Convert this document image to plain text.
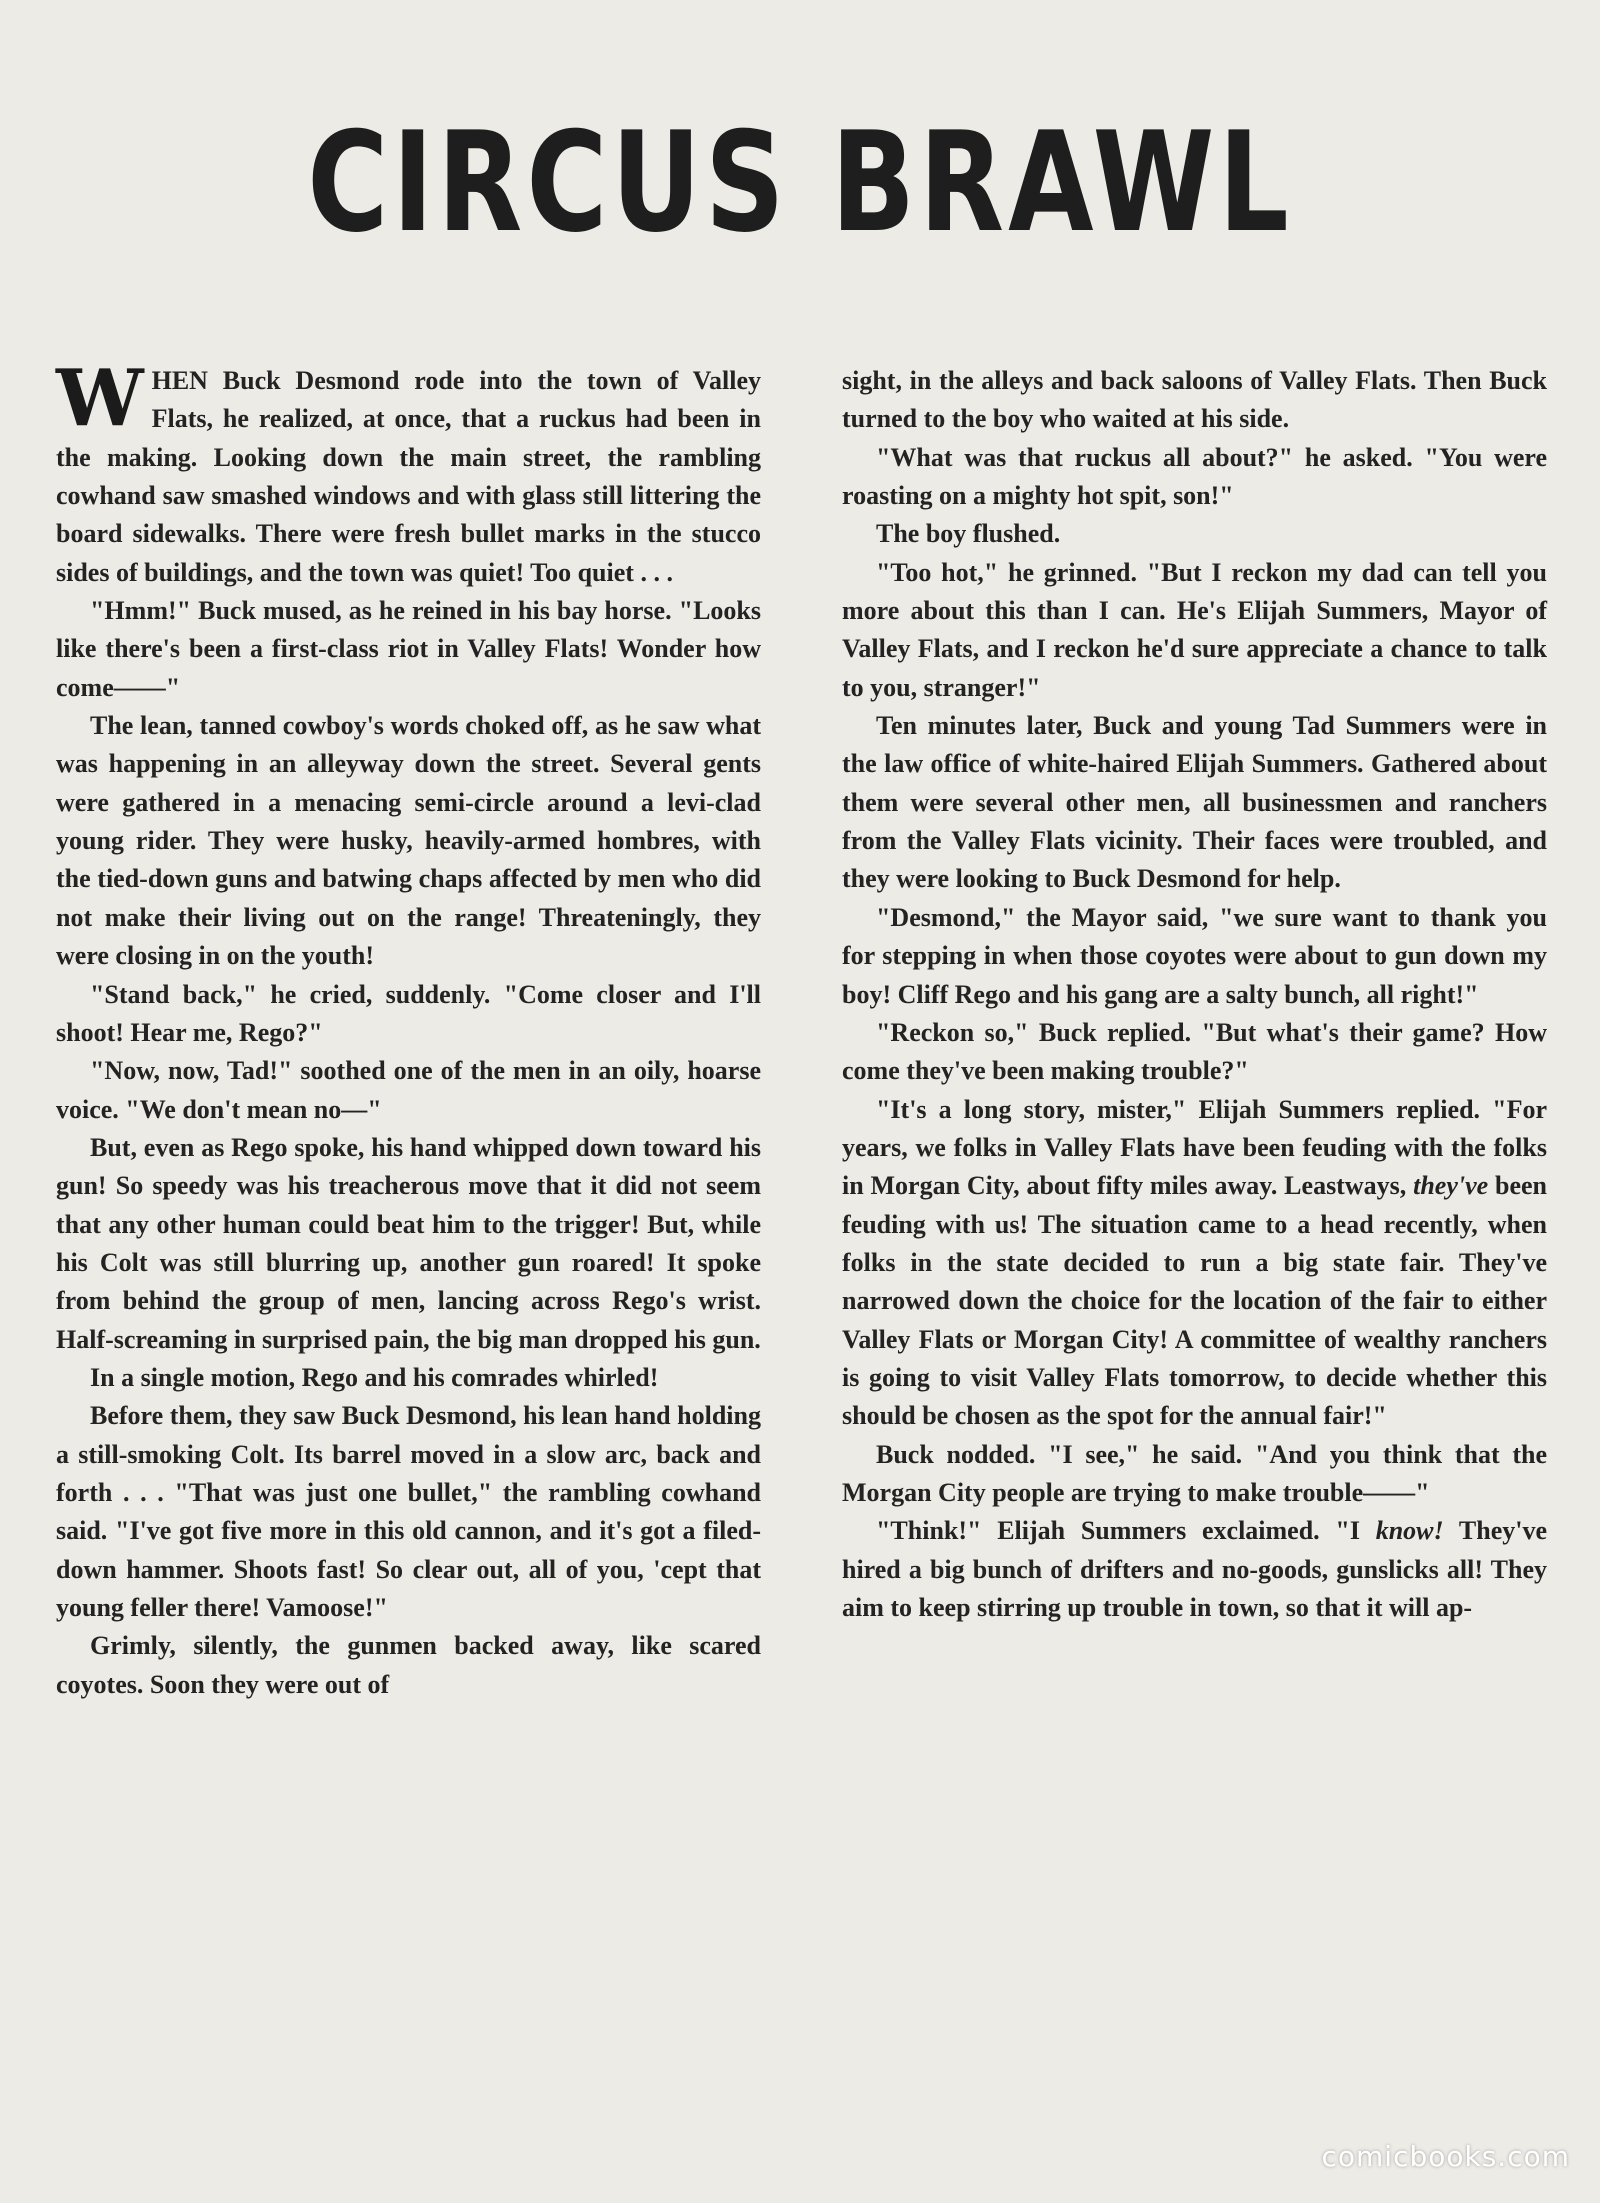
CIRCUS BRAWL

WHEN Buck Desmond rode into the town of Valley Flats, he realized, at once, that a ruckus had been in the making. Looking down the main street, the rambling cowhand saw smashed windows and with glass still littering the board sidewalks. There were fresh bullet marks in the stucco sides of buildings, and the town was quiet! Too quiet . . .

"Hmm!" Buck mused, as he reined in his bay horse. "Looks like there's been a first-class riot in Valley Flats! Wonder how come——"

The lean, tanned cowboy's words choked off, as he saw what was happening in an alleyway down the street. Several gents were gathered in a menacing semi-circle around a levi-clad young rider. They were husky, heavily-armed hombres, with the tied-down guns and batwing chaps affected by men who did not make their living out on the range! Threateningly, they were closing in on the youth!

"Stand back," he cried, suddenly. "Come closer and I'll shoot! Hear me, Rego?"

"Now, now, Tad!" soothed one of the men in an oily, hoarse voice. "We don't mean no—"

But, even as Rego spoke, his hand whipped down toward his gun! So speedy was his treacherous move that it did not seem that any other human could beat him to the trigger! But, while his Colt was still blurring up, another gun roared! It spoke from behind the group of men, lancing across Rego's wrist. Half-screaming in surprised pain, the big man dropped his gun.

In a single motion, Rego and his comrades whirled!

Before them, they saw Buck Desmond, his lean hand holding a still-smoking Colt. Its barrel moved in a slow arc, back and forth . . . "That was just one bullet," the rambling cowhand said. "I've got five more in this old cannon, and it's got a filed-down hammer. Shoots fast! So clear out, all of you, 'cept that young feller there! Vamoose!"

Grimly, silently, the gunmen backed away, like scared coyotes. Soon they were out of

sight, in the alleys and back saloons of Valley Flats. Then Buck turned to the boy who waited at his side.

"What was that ruckus all about?" he asked. "You were roasting on a mighty hot spit, son!"

The boy flushed.

"Too hot," he grinned. "But I reckon my dad can tell you more about this than I can. He's Elijah Summers, Mayor of Valley Flats, and I reckon he'd sure appreciate a chance to talk to you, stranger!"

Ten minutes later, Buck and young Tad Summers were in the law office of white-haired Elijah Summers. Gathered about them were several other men, all businessmen and ranchers from the Valley Flats vicinity. Their faces were troubled, and they were looking to Buck Desmond for help.

"Desmond," the Mayor said, "we sure want to thank you for stepping in when those coyotes were about to gun down my boy! Cliff Rego and his gang are a salty bunch, all right!"

"Reckon so," Buck replied. "But what's their game? How come they've been making trouble?"

"It's a long story, mister," Elijah Summers replied. "For years, we folks in Valley Flats have been feuding with the folks in Morgan City, about fifty miles away. Leastways, they've been feuding with us! The situation came to a head recently, when folks in the state decided to run a big state fair. They've narrowed down the choice for the location of the fair to either Valley Flats or Morgan City! A committee of wealthy ranchers is going to visit Valley Flats tomorrow, to decide whether this should be chosen as the spot for the annual fair!"

Buck nodded. "I see," he said. "And you think that the Morgan City people are trying to make trouble——"

"Think!" Elijah Summers exclaimed. "I know! They've hired a big bunch of drifters and no-goods, gunslicks all! They aim to keep stirring up trouble in town, so that it will ap-

comicbooks.com
